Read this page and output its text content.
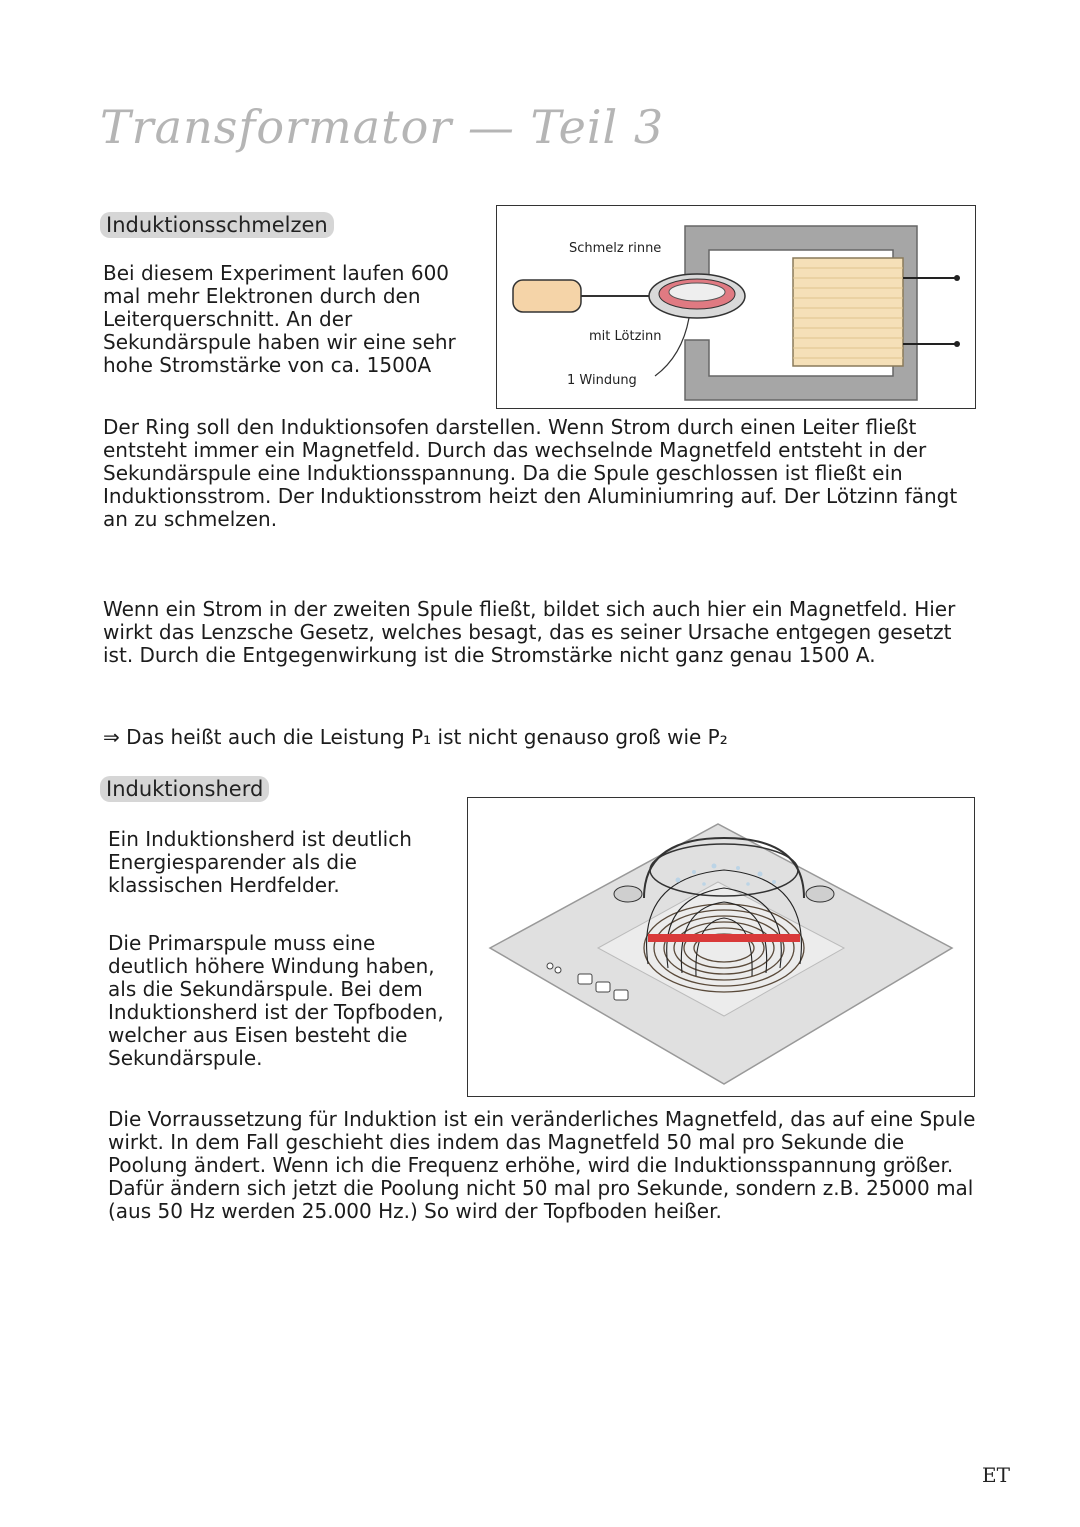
Transformator — Teil 3
Induktionsschmelzen

Bei diesem Experiment laufen 600 mal mehr Elektronen durch den Leiterquerschnitt. An der Sekundärspule haben wir eine sehr hohe Stromstärke von ca. 1500A

Schmelz rinne
mit Lötzinn
1 Windung

Der Ring soll den Induktionsofen darstellen. Wenn Strom durch einen Leiter fließt entsteht immer ein Magnetfeld. Durch das wechselnde Magnetfeld entsteht in der Sekundärspule eine Induktionsspannung. Da die Spule geschlossen ist fließt ein Induktionsstrom. Der Induktionsstrom heizt den Aluminiumring auf. Der Lötzinn fängt an zu schmelzen.

Wenn ein Strom in der zweiten Spule fließt, bildet sich auch hier ein Magnetfeld. Hier wirkt das Lenzsche Gesetz, welches besagt, das es seiner Ursache entgegen gesetzt ist. Durch die Entgegenwirkung ist die Stromstärke nicht ganz genau 1500 A.

⇒ Das heißt auch die Leistung P₁ ist nicht genauso groß wie P₂

Induktionsherd

Ein Induktionsherd ist deutlich Energiesparender als die klassischen Herdfelder.

Die Primarspule muss eine deutlich höhere Windung haben, als die Sekundärspule. Bei dem Induktionsherd ist der Topfboden, welcher aus Eisen besteht die Sekundärspule.

Die Vorraussetzung für Induktion ist ein veränderliches Magnetfeld, das auf eine Spule wirkt. In dem Fall geschieht dies indem das Magnetfeld 50 mal pro Sekunde die Poolung ändert. Wenn ich die Frequenz erhöhe, wird die Induktionsspannung größer. Dafür ändern sich jetzt die Poolung nicht 50 mal pro Sekunde, sondern z.B. 25000 mal (aus 50 Hz werden 25.000 Hz.) So wird der Topfboden heißer.

ET
